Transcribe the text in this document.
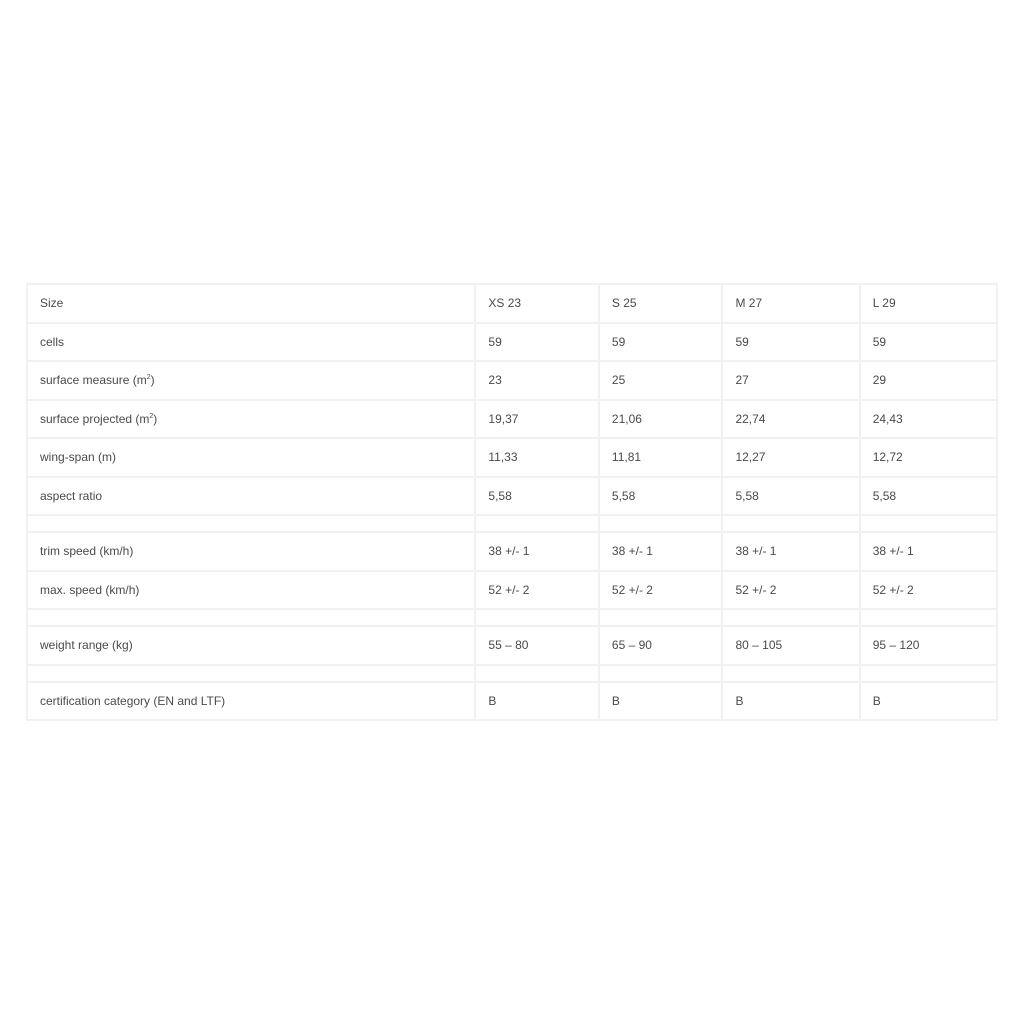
Size	XS 23	S 25	M 27	L 29
cells	59	59	59	59
surface measure $(m^2)$	23	25	27	29
surface projected $(m^2)$	19,37	21,06	22,74	24,43
wing-span (m)	11,33	11,81	12,27	12,72
aspect ratio	5,58	5,58	5,58	5,58

trim speed (km/h)	38 +/- 1	38 +/- 1	38 +/- 1	38 +/- 1
max. speed (km/h)	52 +/- 2	52 +/- 2	52 +/- 2	52 +/- 2

weight range (kg)	55 – 80	65 – 90	80 – 105	95 – 120

certification category (EN and LTF)	B	B	B	B
